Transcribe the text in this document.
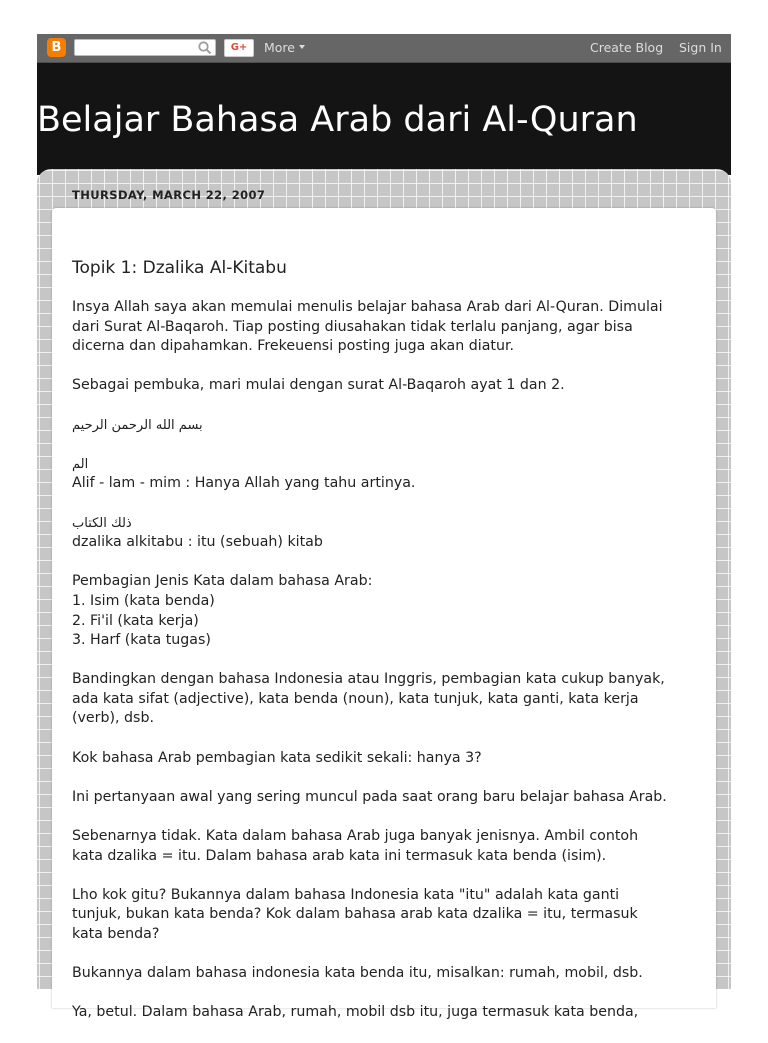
B	G+	More	Create Blog Sign In
Belajar Bahasa Arab dari Al-Quran
THURSDAY, MARCH 22, 2007
Topik 1: Dzalika Al-Kitabu

Insya Allah saya akan memulai menulis belajar bahasa Arab dari Al-Quran. Dimulai
dari Surat Al-Baqaroh. Tiap posting diusahakan tidak terlalu panjang, agar bisa
dicerna dan dipahamkan. Frekeuensi posting juga akan diatur.

Sebagai pembuka, mari mulai dengan surat Al-Baqaroh ayat 1 dan 2.

بسم الله الرحمن الرحيم

الم
Alif - lam - mim : Hanya Allah yang tahu artinya.

ذلك الكتاب
dzalika alkitabu : itu (sebuah) kitab

Pembagian Jenis Kata dalam bahasa Arab:
1. Isim (kata benda)
2. Fi'il (kata kerja)
3. Harf (kata tugas)

Bandingkan dengan bahasa Indonesia atau Inggris, pembagian kata cukup banyak,
ada kata sifat (adjective), kata benda (noun), kata tunjuk, kata ganti, kata kerja
(verb), dsb.

Kok bahasa Arab pembagian kata sedikit sekali: hanya 3?

Ini pertanyaan awal yang sering muncul pada saat orang baru belajar bahasa Arab.

Sebenarnya tidak. Kata dalam bahasa Arab juga banyak jenisnya. Ambil contoh
kata dzalika = itu. Dalam bahasa arab kata ini termasuk kata benda (isim).

Lho kok gitu? Bukannya dalam bahasa Indonesia kata "itu" adalah kata ganti
tunjuk, bukan kata benda? Kok dalam bahasa arab kata dzalika = itu, termasuk
kata benda?

Bukannya dalam bahasa indonesia kata benda itu, misalkan: rumah, mobil, dsb.

Ya, betul. Dalam bahasa Arab, rumah, mobil dsb itu, juga termasuk kata benda,
